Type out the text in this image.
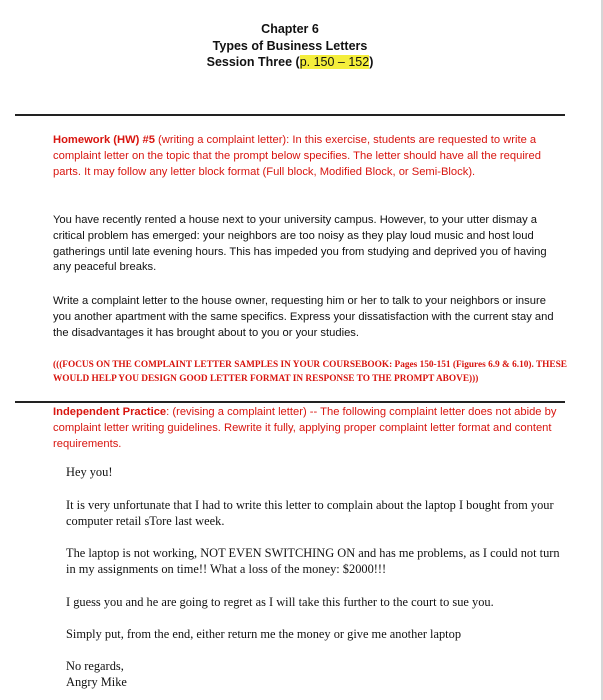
Chapter 6
Types of Business Letters
Session Three (p. 150 – 152)
Homework (HW) #5 (writing a complaint letter): In this exercise, students are requested to write a complaint letter on the topic that the prompt below specifies. The letter should have all the required parts. It may follow any letter block format (Full block, Modified Block, or Semi-Block).
You have recently rented a house next to your university campus. However, to your utter dismay a critical problem has emerged: your neighbors are too noisy as they play loud music and host loud gatherings until late evening hours. This has impeded you from studying and deprived you of having any peaceful breaks.
Write a complaint letter to the house owner, requesting him or her to talk to your neighbors or insure you another apartment with the same specifics. Express your dissatisfaction with the current stay and the disadvantages it has brought about to you or your studies.
(((FOCUS ON THE COMPLAINT LETTER SAMPLES IN YOUR COURSEBOOK: Pages 150-151 (Figures 6.9 & 6.10). THESE WOULD HELP YOU DESIGN GOOD LETTER FORMAT IN RESPONSE TO THE PROMPT ABOVE)))
Independent Practice: (revising a complaint letter) -- The following complaint letter does not abide by complaint letter writing guidelines. Rewrite it fully, applying proper complaint letter format and content requirements.
Hey you!
It is very unfortunate that I had to write this letter to complain about the laptop I bought from your computer retail sTore last week.
The laptop is not working, NOT EVEN SWITCHING ON and has me problems, as I could not turn in my assignments on time!! What a loss of the money: $2000!!!
I guess you and he are going to regret as I will take this further to the court to sue you.
Simply put, from the end, either return me the money or give me another laptop
No regards,
Angry Mike
